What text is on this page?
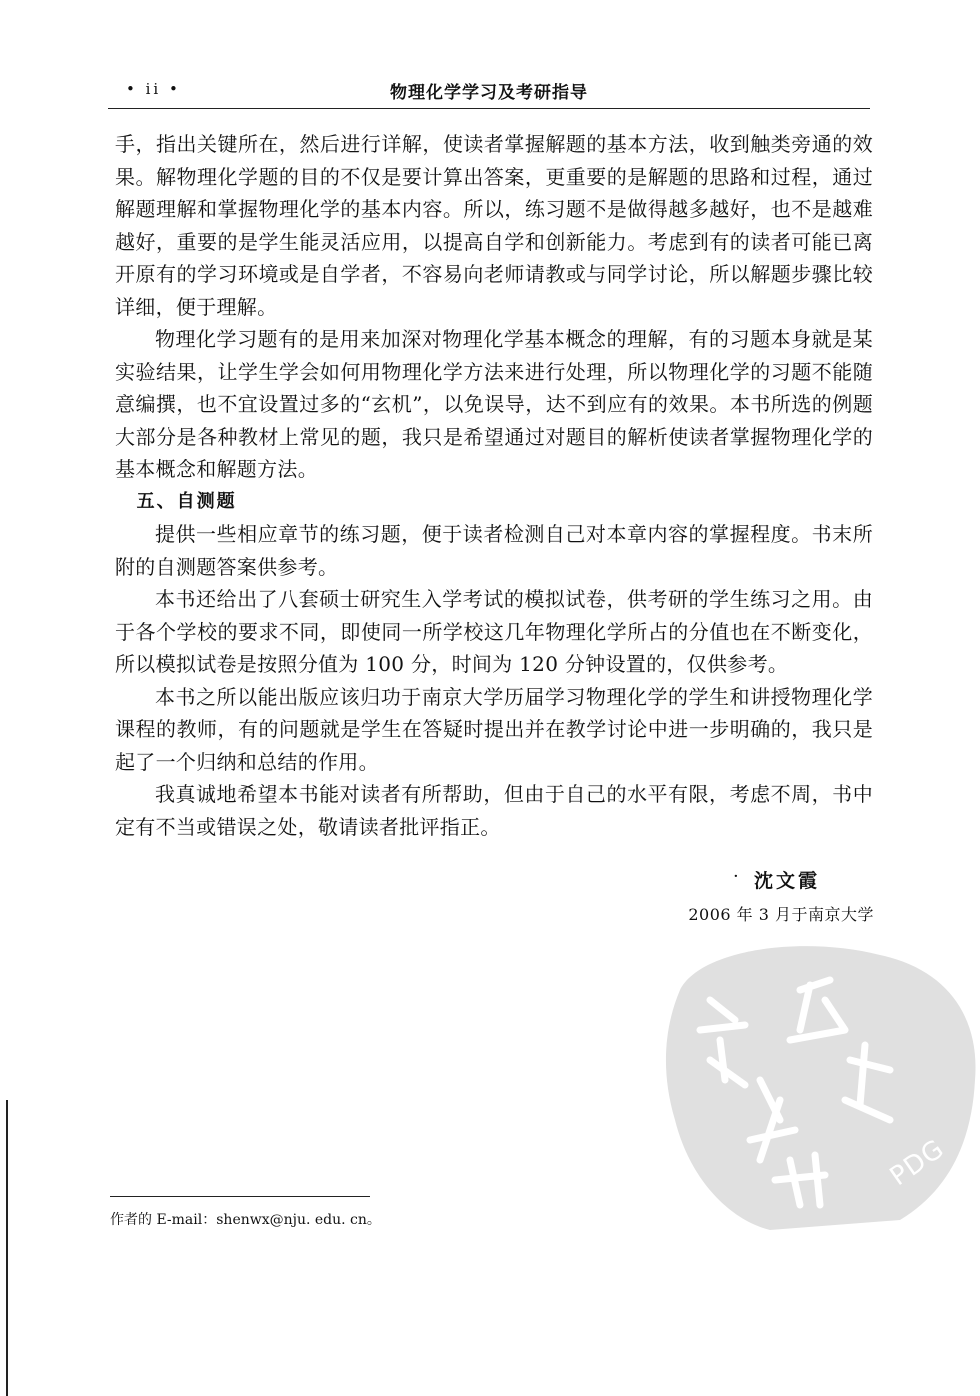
• ii •	物理化学学习及考研指导

手，指出关键所在，然后进行详解，使读者掌握解题的基本方法，收到触类旁通的效果。解物理化学题的目的不仅是要计算出答案，更重要的是解题的思路和过程，通过解题理解和掌握物理化学的基本内容。所以，练习题不是做得越多越好，也不是越难越好，重要的是学生能灵活应用，以提高自学和创新能力。考虑到有的读者可能已离开原有的学习环境或是自学者，不容易向老师请教或与同学讨论，所以解题步骤比较详细，便于理解。

物理化学习题有的是用来加深对物理化学基本概念的理解，有的习题本身就是某实验结果，让学生学会如何用物理化学方法来进行处理，所以物理化学的习题不能随意编撰，也不宜设置过多的“玄机”，以免误导，达不到应有的效果。本书所选的例题大部分是各种教材上常见的题，我只是希望通过对题目的解析使读者掌握物理化学的基本概念和解题方法。

五、自测题

提供一些相应章节的练习题，便于读者检测自己对本章内容的掌握程度。书末所附的自测题答案供参考。

本书还给出了八套硕士研究生入学考试的模拟试卷，供考研的学生练习之用。由于各个学校的要求不同，即使同一所学校这几年物理化学所占的分值也在不断变化，所以模拟试卷是按照分值为 100 分，时间为 120 分钟设置的，仅供参考。

本书之所以能出版应该归功于南京大学历届学习物理化学的学生和讲授物理化学课程的教师，有的问题就是学生在答疑时提出并在教学讨论中进一步明确的，我只是起了一个归纳和总结的作用。

我真诚地希望本书能对读者有所帮助，但由于自己的水平有限，考虑不周，书中定有不当或错误之处，敬请读者批评指正。

· 沈文霞
2006 年 3 月于南京大学
PDG
作者的 E-mail：shenwx@nju. edu. cn。
